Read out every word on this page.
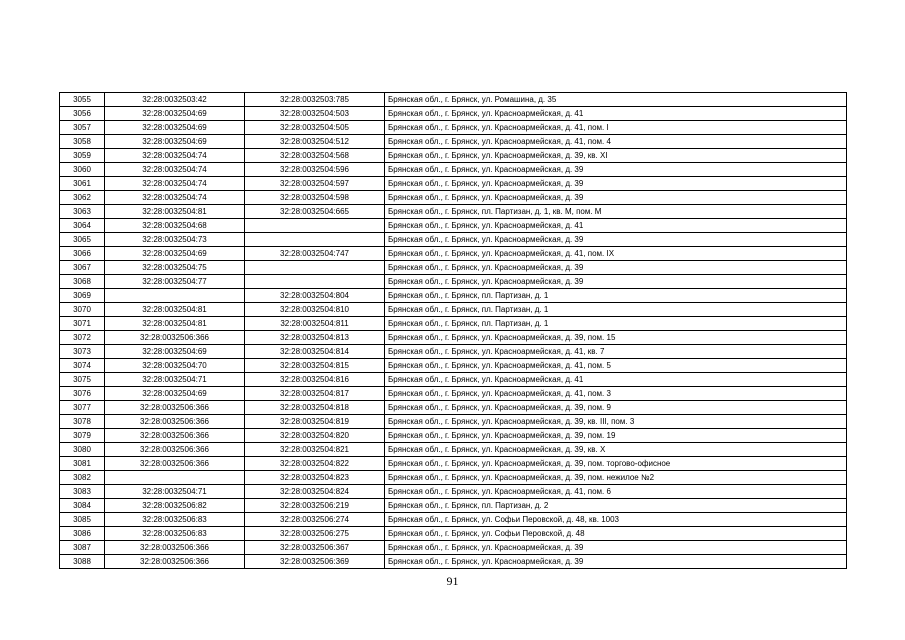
3055	32:28:0032503:42	32:28:0032503:785	Брянская обл., г. Брянск, ул. Ромашина, д. 35
3056	32:28:0032504:69	32:28:0032504:503	Брянская обл., г. Брянск, ул. Красноармейская, д. 41
3057	32:28:0032504:69	32:28:0032504:505	Брянская обл., г. Брянск, ул. Красноармейская, д. 41, пом. I
3058	32:28:0032504:69	32:28:0032504:512	Брянская обл., г. Брянск, ул. Красноармейская, д. 41, пом. 4
3059	32:28:0032504:74	32:28:0032504:568	Брянская обл., г. Брянск, ул. Красноармейская, д. 39, кв. XI
3060	32:28:0032504:74	32:28:0032504:596	Брянская обл., г. Брянск, ул. Красноармейская, д. 39
3061	32:28:0032504:74	32:28:0032504:597	Брянская обл., г. Брянск, ул. Красноармейская, д. 39
3062	32:28:0032504:74	32:28:0032504:598	Брянская обл., г. Брянск, ул. Красноармейская, д. 39
3063	32:28:0032504:81	32:28:0032504:665	Брянская обл., г. Брянск, пл. Партизан, д. 1, кв. М, пом. М
3064	32:28:0032504:68		Брянская обл., г. Брянск, ул. Красноармейская, д. 41
3065	32:28:0032504:73		Брянская обл., г. Брянск, ул. Красноармейская, д. 39
3066	32:28:0032504:69	32:28:0032504:747	Брянская обл., г. Брянск, ул. Красноармейская, д. 41, пом. IX
3067	32:28:0032504:75		Брянская обл., г. Брянск, ул. Красноармейская, д. 39
3068	32:28:0032504:77		Брянская обл., г. Брянск, ул. Красноармейская, д. 39
3069		32:28:0032504:804	Брянская обл., г. Брянск, пл. Партизан, д. 1
3070	32:28:0032504:81	32:28:0032504:810	Брянская обл., г. Брянск, пл. Партизан, д. 1
3071	32:28:0032504:81	32:28:0032504:811	Брянская обл., г. Брянск, пл. Партизан, д. 1
3072	32:28:0032506:366	32:28:0032504:813	Брянская обл., г. Брянск, ул. Красноармейская, д. 39, пом. 15
3073	32:28:0032504:69	32:28:0032504:814	Брянская обл., г. Брянск, ул. Красноармейская, д. 41, кв. 7
3074	32:28:0032504:70	32:28:0032504:815	Брянская обл., г. Брянск, ул. Красноармейская, д. 41, пом. 5
3075	32:28:0032504:71	32:28:0032504:816	Брянская обл., г. Брянск, ул. Красноармейская, д. 41
3076	32:28:0032504:69	32:28:0032504:817	Брянская обл., г. Брянск, ул. Красноармейская, д. 41, пом. 3
3077	32:28:0032506:366	32:28:0032504:818	Брянская обл., г. Брянск, ул. Красноармейская, д. 39, пом. 9
3078	32:28:0032506:366	32:28:0032504:819	Брянская обл., г. Брянск, ул. Красноармейская, д. 39, кв. III, пом. 3
3079	32:28:0032506:366	32:28:0032504:820	Брянская обл., г. Брянск, ул. Красноармейская, д. 39, пом. 19
3080	32:28:0032506:366	32:28:0032504:821	Брянская обл., г. Брянск, ул. Красноармейская, д. 39, кв. X
3081	32:28:0032506:366	32:28:0032504:822	Брянская обл., г. Брянск, ул. Красноармейская, д. 39, пом. торгово-офисное
3082		32:28:0032504:823	Брянская обл., г. Брянск, ул. Красноармейская, д. 39, пом. нежилое №2
3083	32:28:0032504:71	32:28:0032504:824	Брянская обл., г. Брянск, ул. Красноармейская, д. 41, пом. 6
3084	32:28:0032506:82	32:28:0032506:219	Брянская обл., г. Брянск, пл. Партизан, д. 2
3085	32:28:0032506:83	32:28:0032506:274	Брянская обл., г. Брянск, ул. Софьи Перовской, д. 48, кв. 1003
3086	32:28:0032506:83	32:28:0032506:275	Брянская обл., г. Брянск, ул. Софьи Перовской, д. 48
3087	32:28:0032506:366	32:28:0032506:367	Брянская обл., г. Брянск, ул. Красноармейская, д. 39
3088	32:28:0032506:366	32:28:0032506:369	Брянская обл., г. Брянск, ул. Красноармейская, д. 39
91
